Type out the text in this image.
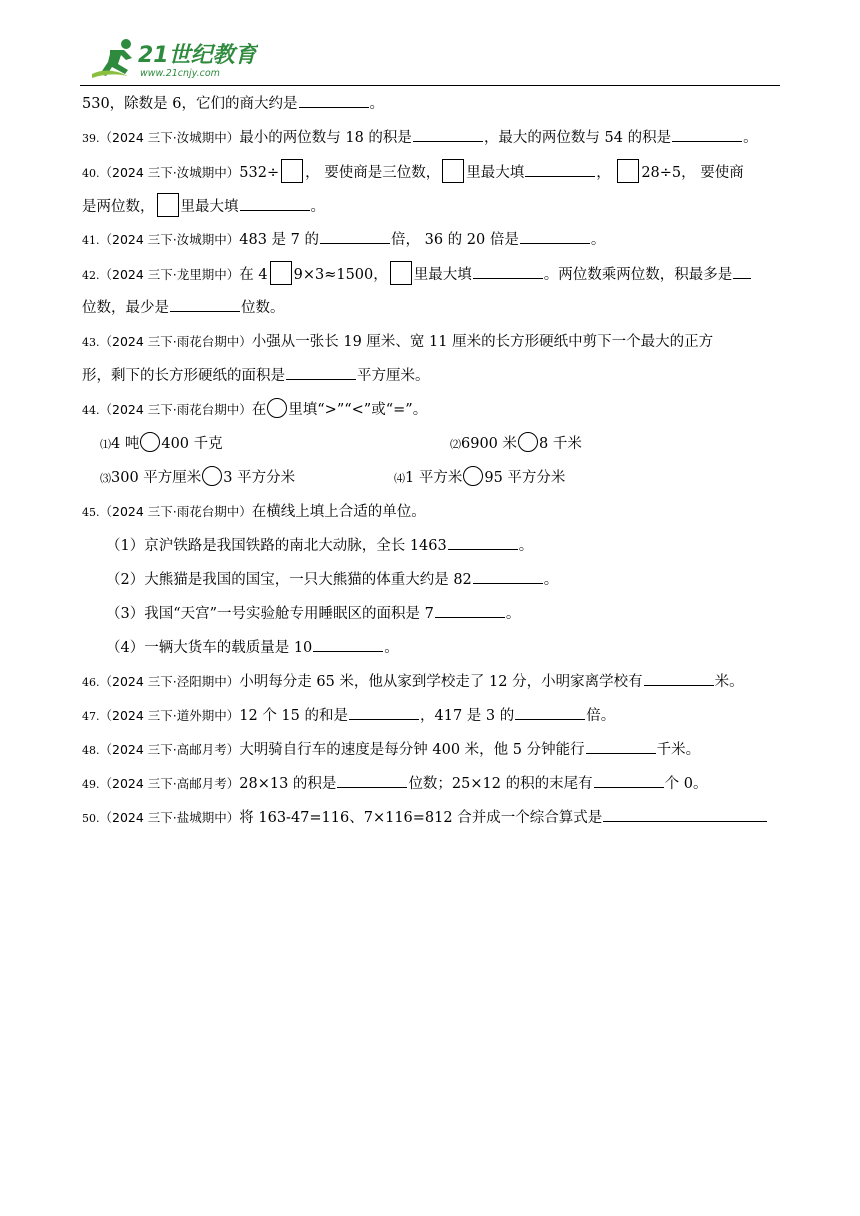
21世纪教育
www.21cnjy.com
530，除数是 6，它们的商大约是	。
39.（2024 三下·汝城期中）最小的两位数与 18 的积是	，最大的两位数与 54 的积是	。
40.（2024 三下·汝城期中）532÷ ， 要使商是三位数， 里最大填	， 28÷5， 要使商
是两位数， 里最大填	。
41.（2024 三下·汝城期中）483 是 7 的	倍， 36 的 20 倍是	。
42.（2024 三下·龙里期中）在 4 9×3≈1500， 里最大填	。两位数乘两位数，积最多是
位数，最少是	位数。
43.（2024 三下·雨花台期中）小强从一张长 19 厘米、宽 11 厘米的长方形硬纸中剪下一个最大的正方
形，剩下的长方形硬纸的面积是	平方厘米。
44.（2024 三下·雨花台期中）在 里填“>”“<”或“=”。
⑴4 吨 400 千克	⑵6900 米 8 千米
⑶300 平方厘米 3 平方分米	⑷1 平方米 95 平方分米
45.（2024 三下·雨花台期中）在横线上填上合适的单位。
（1）京沪铁路是我国铁路的南北大动脉，全长 1463	。
（2）大熊猫是我国的国宝，一只大熊猫的体重大约是 82	。
（3）我国“天宫”一号实验舱专用睡眠区的面积是 7	。
（4）一辆大货车的载质量是 10	。
46.（2024 三下·泾阳期中）小明每分走 65 米，他从家到学校走了 12 分，小明家离学校有	米。
47.（2024 三下·道外期中）12 个 15 的和是	，417 是 3 的	倍。
48.（2024 三下·高邮月考）大明骑自行车的速度是每分钟 400 米，他 5 分钟能行	千米。
49.（2024 三下·高邮月考）28×13 的积是	位数；25×12 的积的末尾有	个 0。
50.（2024 三下·盐城期中）将 163-47=116、7×116=812 合并成一个综合算式是
